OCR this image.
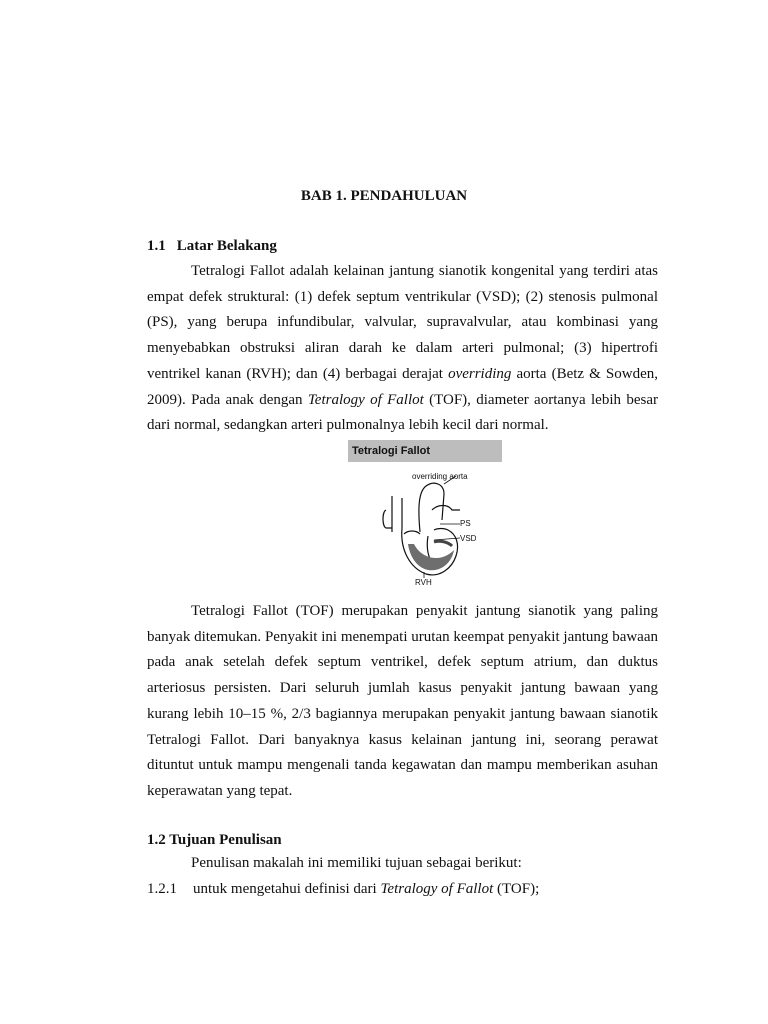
BAB 1. PENDAHULUAN
1.1 Latar Belakang

Tetralogi Fallot adalah kelainan jantung sianotik kongenital yang terdiri atas empat defek struktural: (1) defek septum ventrikular (VSD); (2) stenosis pulmonal (PS), yang berupa infundibular, valvular, supravalvular, atau kombinasi yang menyebabkan obstruksi aliran darah ke dalam arteri pulmonal; (3) hipertrofi ventrikel kanan (RVH); dan (4) berbagai derajat overriding aorta (Betz & Sowden, 2009). Pada anak dengan Tetralogy of Fallot (TOF), diameter aortanya lebih besar dari normal, sedangkan arteri pulmonalnya lebih kecil dari normal.

Tetralogi Fallot
overriding aorta
PS
VSD
RVH

Tetralogi Fallot (TOF) merupakan penyakit jantung sianotik yang paling banyak ditemukan. Penyakit ini menempati urutan keempat penyakit jantung bawaan pada anak setelah defek septum ventrikel, defek septum atrium, dan duktus arteriosus persisten. Dari seluruh jumlah kasus penyakit jantung bawaan yang kurang lebih 10–15 %, 2/3 bagiannya merupakan penyakit jantung bawaan sianotik Tetralogi Fallot. Dari banyaknya kasus kelainan jantung ini, seorang perawat dituntut untuk mampu mengenali tanda kegawatan dan mampu memberikan asuhan keperawatan yang tepat.

1.2 Tujuan Penulisan

Penulisan makalah ini memiliki tujuan sebagai berikut:

1.2.1 untuk mengetahui definisi dari Tetralogy of Fallot (TOF);
